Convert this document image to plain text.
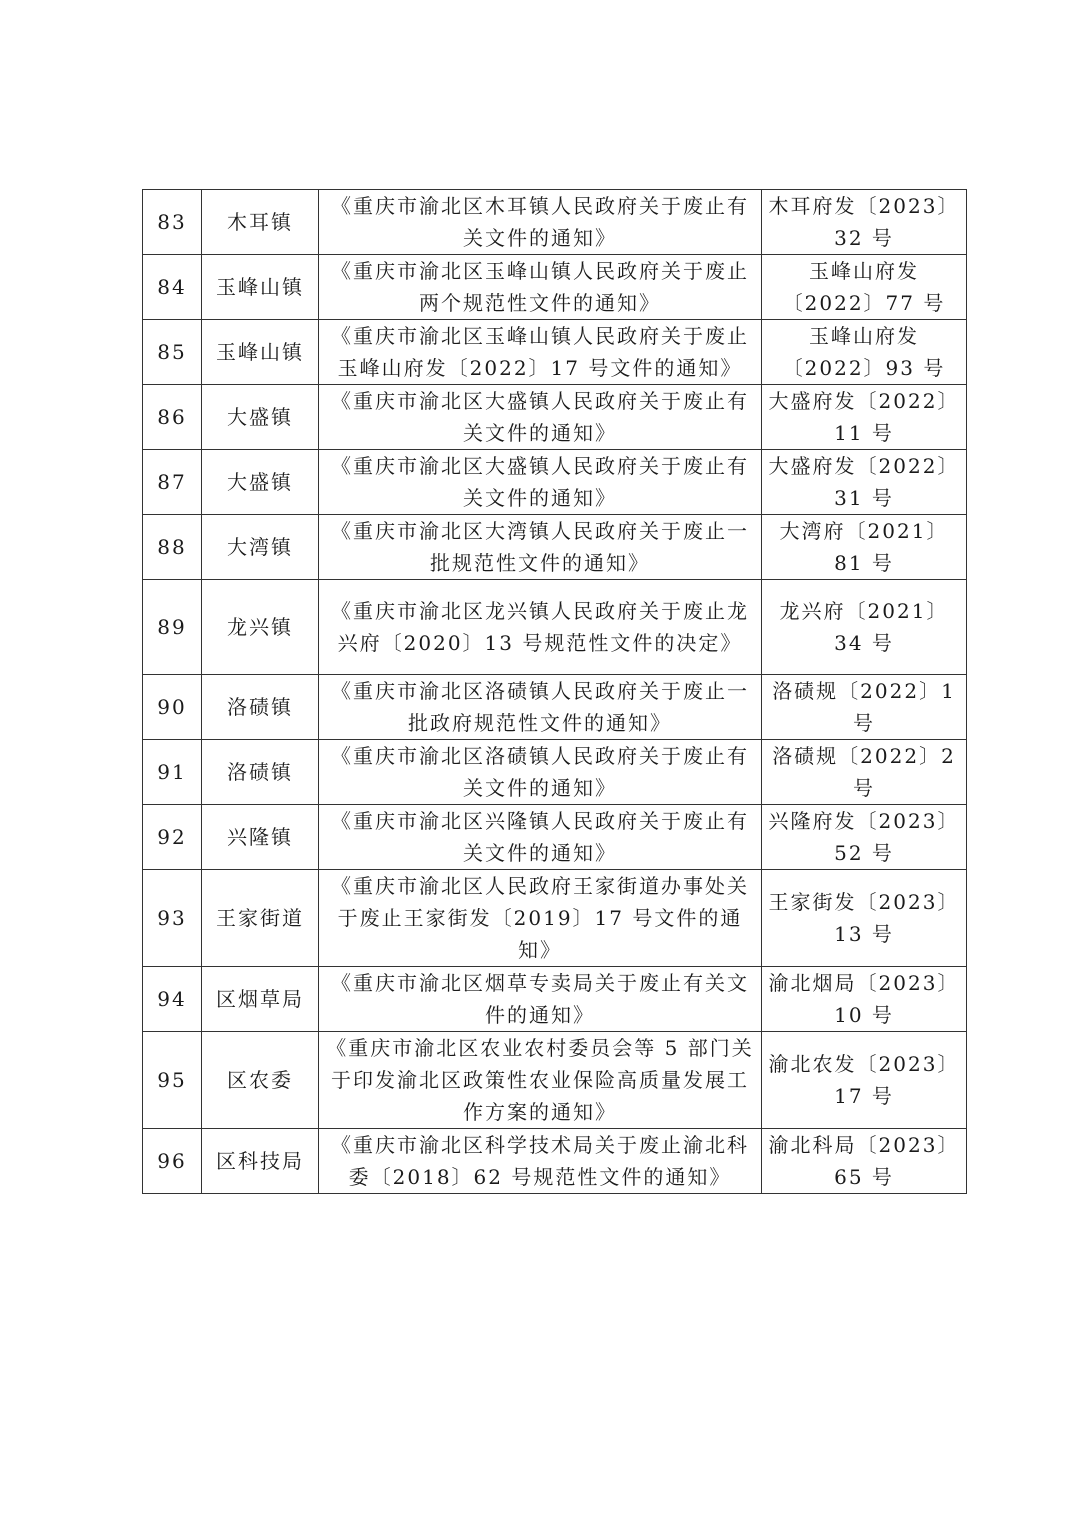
83	木耳镇	《重庆市渝北区木耳镇人民政府关于废止有关文件的通知》	木耳府发〔2023〕32 号
84	玉峰山镇	《重庆市渝北区玉峰山镇人民政府关于废止两个规范性文件的通知》	玉峰山府发〔2022〕77 号
85	玉峰山镇	《重庆市渝北区玉峰山镇人民政府关于废止玉峰山府发〔2022〕17 号文件的通知》	玉峰山府发〔2022〕93 号
86	大盛镇	《重庆市渝北区大盛镇人民政府关于废止有关文件的通知》	大盛府发〔2022〕11 号
87	大盛镇	《重庆市渝北区大盛镇人民政府关于废止有关文件的通知》	大盛府发〔2022〕31 号
88	大湾镇	《重庆市渝北区大湾镇人民政府关于废止一批规范性文件的通知》	大湾府〔2021〕81 号
89	龙兴镇	《重庆市渝北区龙兴镇人民政府关于废止龙兴府〔2020〕13 号规范性文件的决定》	龙兴府〔2021〕34 号
90	洛碛镇	《重庆市渝北区洛碛镇人民政府关于废止一批政府规范性文件的通知》	洛碛规〔2022〕1 号
91	洛碛镇	《重庆市渝北区洛碛镇人民政府关于废止有关文件的通知》	洛碛规〔2022〕2 号
92	兴隆镇	《重庆市渝北区兴隆镇人民政府关于废止有关文件的通知》	兴隆府发〔2023〕52 号
93	王家街道	《重庆市渝北区人民政府王家街道办事处关于废止王家街发〔2019〕17 号文件的通知》	王家街发〔2023〕13 号
94	区烟草局	《重庆市渝北区烟草专卖局关于废止有关文件的通知》	渝北烟局〔2023〕10 号
95	区农委	《重庆市渝北区农业农村委员会等 5 部门关于印发渝北区政策性农业保险高质量发展工作方案的通知》	渝北农发〔2023〕17 号
96	区科技局	《重庆市渝北区科学技术局关于废止渝北科委〔2018〕62 号规范性文件的通知》	渝北科局〔2023〕65 号
